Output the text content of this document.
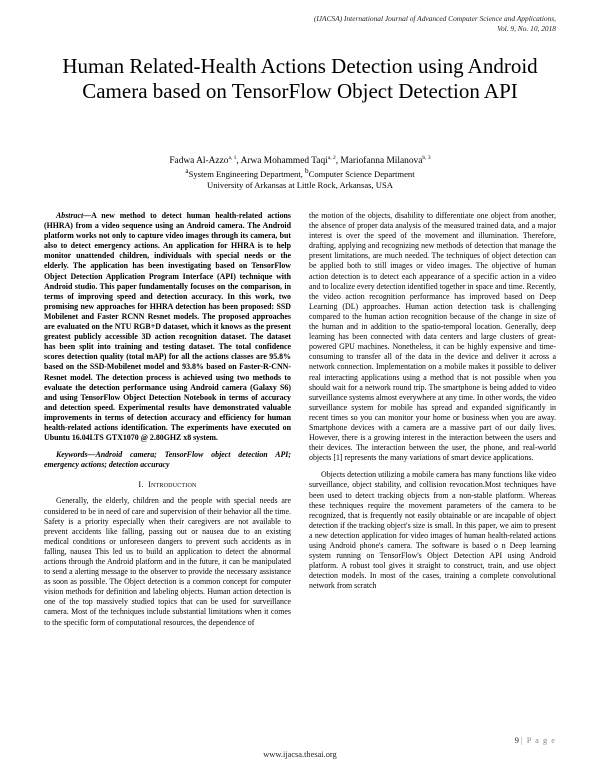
(IJACSA) International Journal of Advanced Computer Science and Applications,
Vol. 9, No. 10, 2018
Human Related-Health Actions Detection using Android Camera based on TensorFlow Object Detection API
Fadwa Al-Azzo$^{a, 1}$, Arwa Mohammed Taqi$^{a, 2}$, Mariofanna Milanova$^{b, 3}$

$^a$System Engineering Department, $^b$Computer Science Department

University of Arkansas at Little Rock, Arkansas, USA

Abstract—A new method to detect human health-related actions (HHRA) from a video sequence using an Android camera. The Android platform works not only to capture video images through its camera, but also to detect emergency actions. An application for HHRA is to help monitor unattended children, individuals with special needs or the elderly. The application has been investigating based on TensorFlow Object Detection Application Program Interface (API) technique with Android studio. This paper fundamentally focuses on the comparison, in terms of improving speed and detection accuracy. In this work, two promising new approaches for HHRA detection has been proposed: SSD Mobilenet and Faster RCNN Resnet models. The proposed approaches are evaluated on the NTU RGB+D dataset, which it knows as the present greatest publicly accessible 3D action recognition dataset. The dataset has been split into training and testing dataset. The total confidence scores detection quality (total mAP) for all the actions classes are 95.8% based on the SSD-Mobilenet model and 93.8% based on Faster-R-CNN-Resnet model. The detection process is achieved using two methods to evaluate the detection performance using Android camera (Galaxy S6) and using TensorFlow Object Detection Notebook in terms of accuracy and detection speed. Experimental results have demonstrated valuable improvements in terms of detection accuracy and efficiency for human health-related actions identification. The experiments have executed on Ubuntu 16.04LTS GTX1070 @ 2.80GHZ x8 system.

Keywords—Android camera; TensorFlow object detection API; emergency actions; detection accuracy

I. Introduction

Generally, the elderly, children and the people with special needs are considered to be in need of care and supervision of their behavior all the time. Safety is a priority especially when their caregivers are not available to prevent accidents like falling, passing out or nausea due to an existing medical conditions or unforeseen dangers to prevent such accidents as in falling, nausea This led us to build an application to detect the abnormal actions through the Android platform and in the future, it can be manipulated to send a alerting message to the observer to provide the necessary assistance as soon as possible. The Object detection is a common concept for computer vision methods for definition and labeling objects. Human action detection is one of the top massively studied topics that can be used for surveillance camera. Most of the techniques include substantial limitations when it comes to the specific form of computational resources, the dependence of

the motion of the objects, disability to differentiate one object from another, the absence of proper data analysis of the measured trained data, and a major interest is over the speed of the movement and illumination. Therefore, drafting, applying and recognizing new methods of detection that manage the present limitations, are much needed. The techniques of object detection can be applied both to still images or video images. The objective of human action detection is to detect each appearance of a specific action in a video and to localize every detection identified together in space and time. Recently, the video action recognition performance has improved based on Deep Learning (DL) approaches. Human action detection task is challenging compared to the human action recognition because of the change in size of the human and in addition to the spatio-temporal location. Generally, deep learning has been connected with data centers and large clusters of great-powered GPU machines. Nonetheless, it can be highly expensive and time-consuming to transfer all of the data in the device and deliver it across a network connection. Implementation on a mobile makes it possible to deliver real interacting applications using a method that is not possible when you should wait for a network round trip. The smartphone is being added to video surveillance systems almost everywhere at any time. In other words, the video surveillance system for mobile has spread and expanded significantly in recent times so you can monitor your home or business when you are away. Smartphone devices with a camera are a massive part of our daily lives. However, there is a growing interest in the interaction between the users and their devices. The interaction between the user, the phone, and real-world objects [1] represents the many variations of smart device applications.

Objects detection utilizing a mobile camera has many functions like video surveillance, object stability, and collision revocation.Most techniques have been used to detect tracking objects from a non-stable platform. Whereas these techniques require the movement parameters of the camera to be recognized, that is frequently not easily obtainable or are incapable of object detection if the tracking object's size is small. In this paper, we aim to present a new detection application for video images of human health-related actions using Android phone's camera. The software is based o n Deep learning system running on TensorFlow's Object Detection API using Android platform. A robust tool gives it straight to construct, train, and use object detection models. In most of the cases, training a complete convolutional network from scratch

9 | P a g e
www.ijacsa.thesai.org
